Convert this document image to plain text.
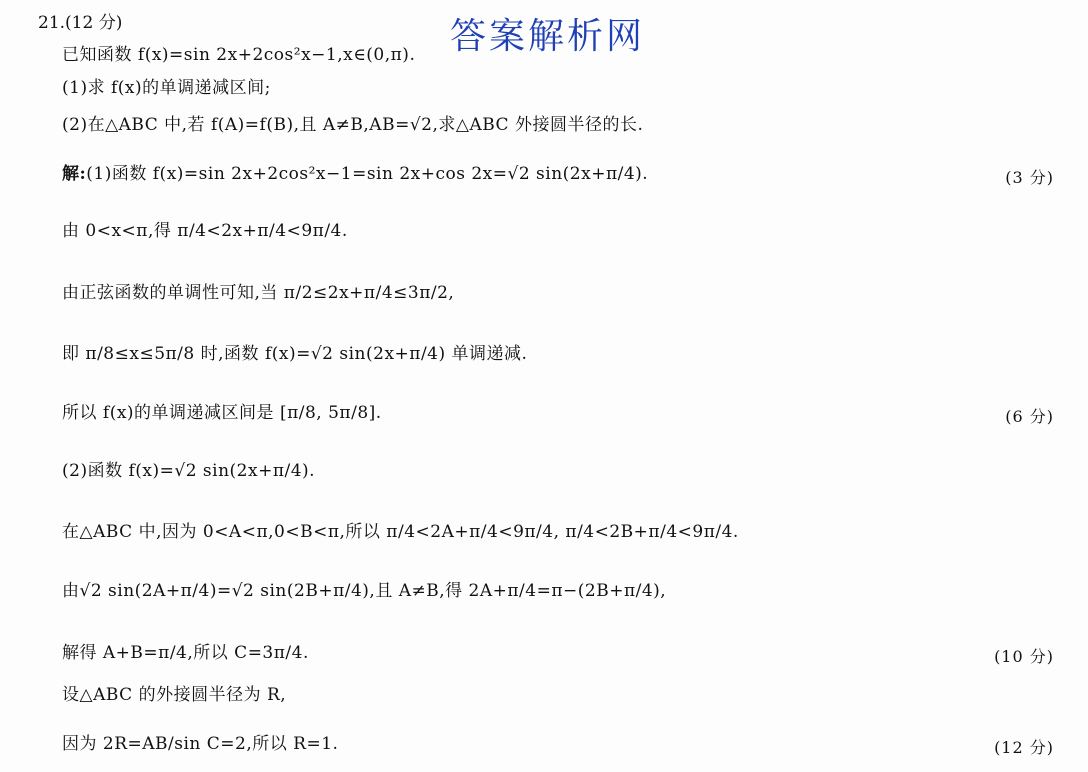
21.(12 分)	答案解析网
已知函数 f(x)=sin 2x+2cos²x−1,x∈(0,π).
(1)求 f(x)的单调递减区间;
(2)在△ABC 中,若 f(A)=f(B),且 A≠B,AB=√2,求△ABC 外接圆半径的长.
解:(1)函数 f(x)=sin 2x+2cos²x−1=sin 2x+cos 2x=√2 sin(2x+π/4).	(3 分)
由 0<x<π,得 π/4<2x+π/4<9π/4.
由正弦函数的单调性可知,当 π/2≤2x+π/4≤3π/2,
即 π/8≤x≤5π/8 时,函数 f(x)=√2 sin(2x+π/4) 单调递减.
所以 f(x)的单调递减区间是 [π/8, 5π/8].	(6 分)
(2)函数 f(x)=√2 sin(2x+π/4).
在△ABC 中,因为 0<A<π,0<B<π,所以 π/4<2A+π/4<9π/4, π/4<2B+π/4<9π/4.
由√2 sin(2A+π/4)=√2 sin(2B+π/4),且 A≠B,得 2A+π/4=π−(2B+π/4),
解得 A+B=π/4,所以 C=3π/4.	(10 分)
设△ABC 的外接圆半径为 R,
因为 2R=AB/sin C=2,所以 R=1.	(12 分)
